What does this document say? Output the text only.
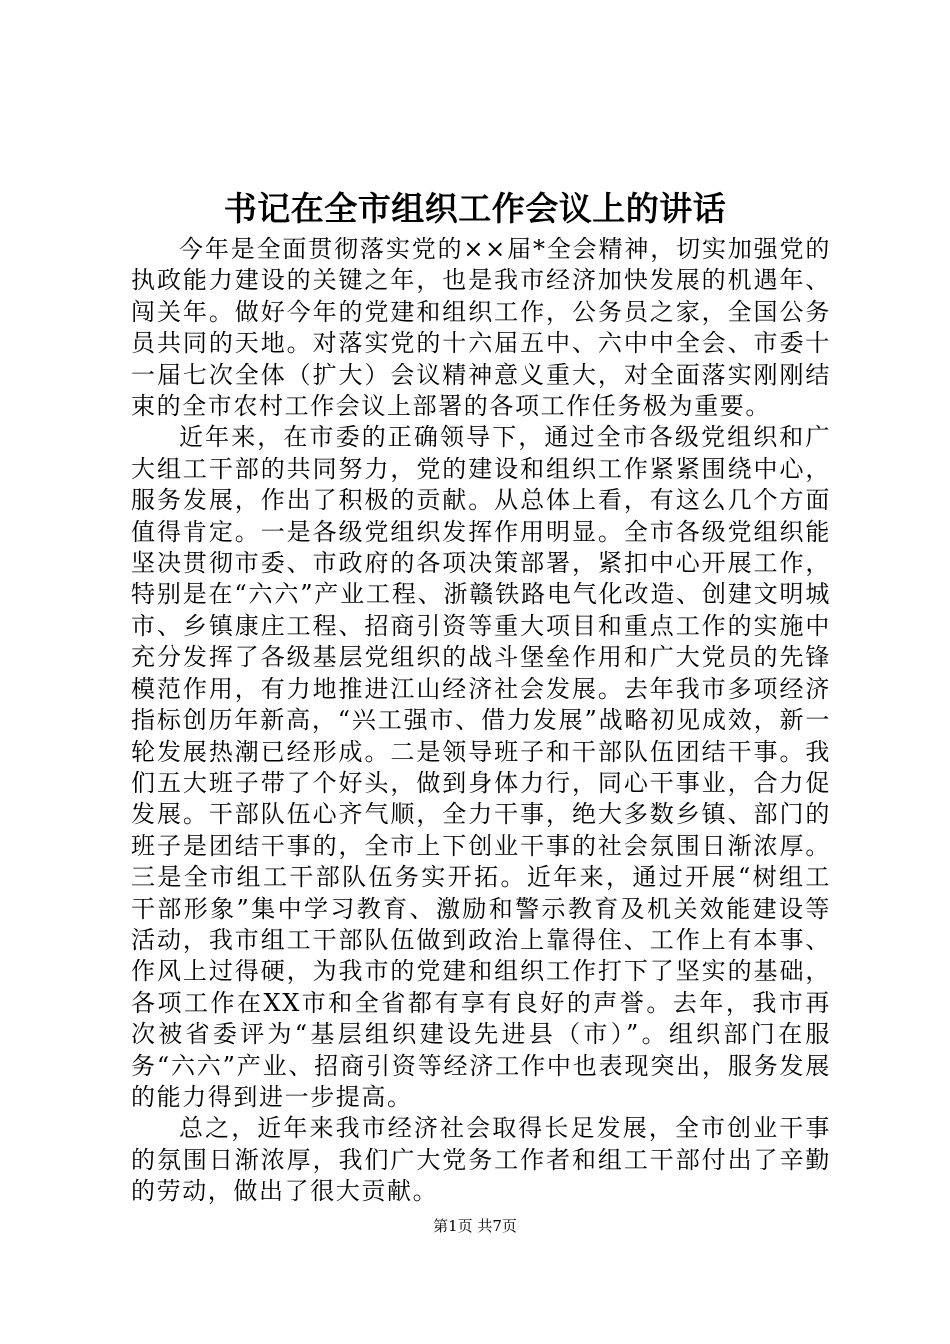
书记在全市组织工作会议上的讲话

今年是全面贯彻落实党的××届*全会精神，切实加强党的执政能力建设的关键之年，也是我市经济加快发展的机遇年、闯关年。做好今年的党建和组织工作，公务员之家，全国公务员共同的天地。对落实党的十六届五中、六中中全会、市委十一届七次全体（扩大）会议精神意义重大，对全面落实刚刚结束的全市农村工作会议上部署的各项工作任务极为重要。

近年来，在市委的正确领导下，通过全市各级党组织和广大组工干部的共同努力，党的建设和组织工作紧紧围绕中心，服务发展，作出了积极的贡献。从总体上看，有这么几个方面值得肯定。一是各级党组织发挥作用明显。全市各级党组织能坚决贯彻市委、市政府的各项决策部署，紧扣中心开展工作，特别是在“六六”产业工程、浙赣铁路电气化改造、创建文明城市、乡镇康庄工程、招商引资等重大项目和重点工作的实施中充分发挥了各级基层党组织的战斗堡垒作用和广大党员的先锋模范作用，有力地推进江山经济社会发展。去年我市多项经济指标创历年新高，“兴工强市、借力发展”战略初见成效，新一轮发展热潮已经形成。二是领导班子和干部队伍团结干事。我们五大班子带了个好头，做到身体力行，同心干事业，合力促发展。干部队伍心齐气顺，全力干事，绝大多数乡镇、部门的班子是团结干事的，全市上下创业干事的社会氛围日渐浓厚。三是全市组工干部队伍务实开拓。近年来，通过开展“树组工干部形象”集中学习教育、激励和警示教育及机关效能建设等活动，我市组工干部队伍做到政治上靠得住、工作上有本事、作风上过得硬，为我市的党建和组织工作打下了坚实的基础，各项工作在XX市和全省都有享有良好的声誉。去年，我市再次被省委评为“基层组织建设先进县（市）”。组织部门在服务“六六”产业、招商引资等经济工作中也表现突出，服务发展的能力得到进一步提高。

总之，近年来我市经济社会取得长足发展，全市创业干事的氛围日渐浓厚，我们广大党务工作者和组工干部付出了辛勤的劳动，做出了很大贡献。

第1页 共7页
